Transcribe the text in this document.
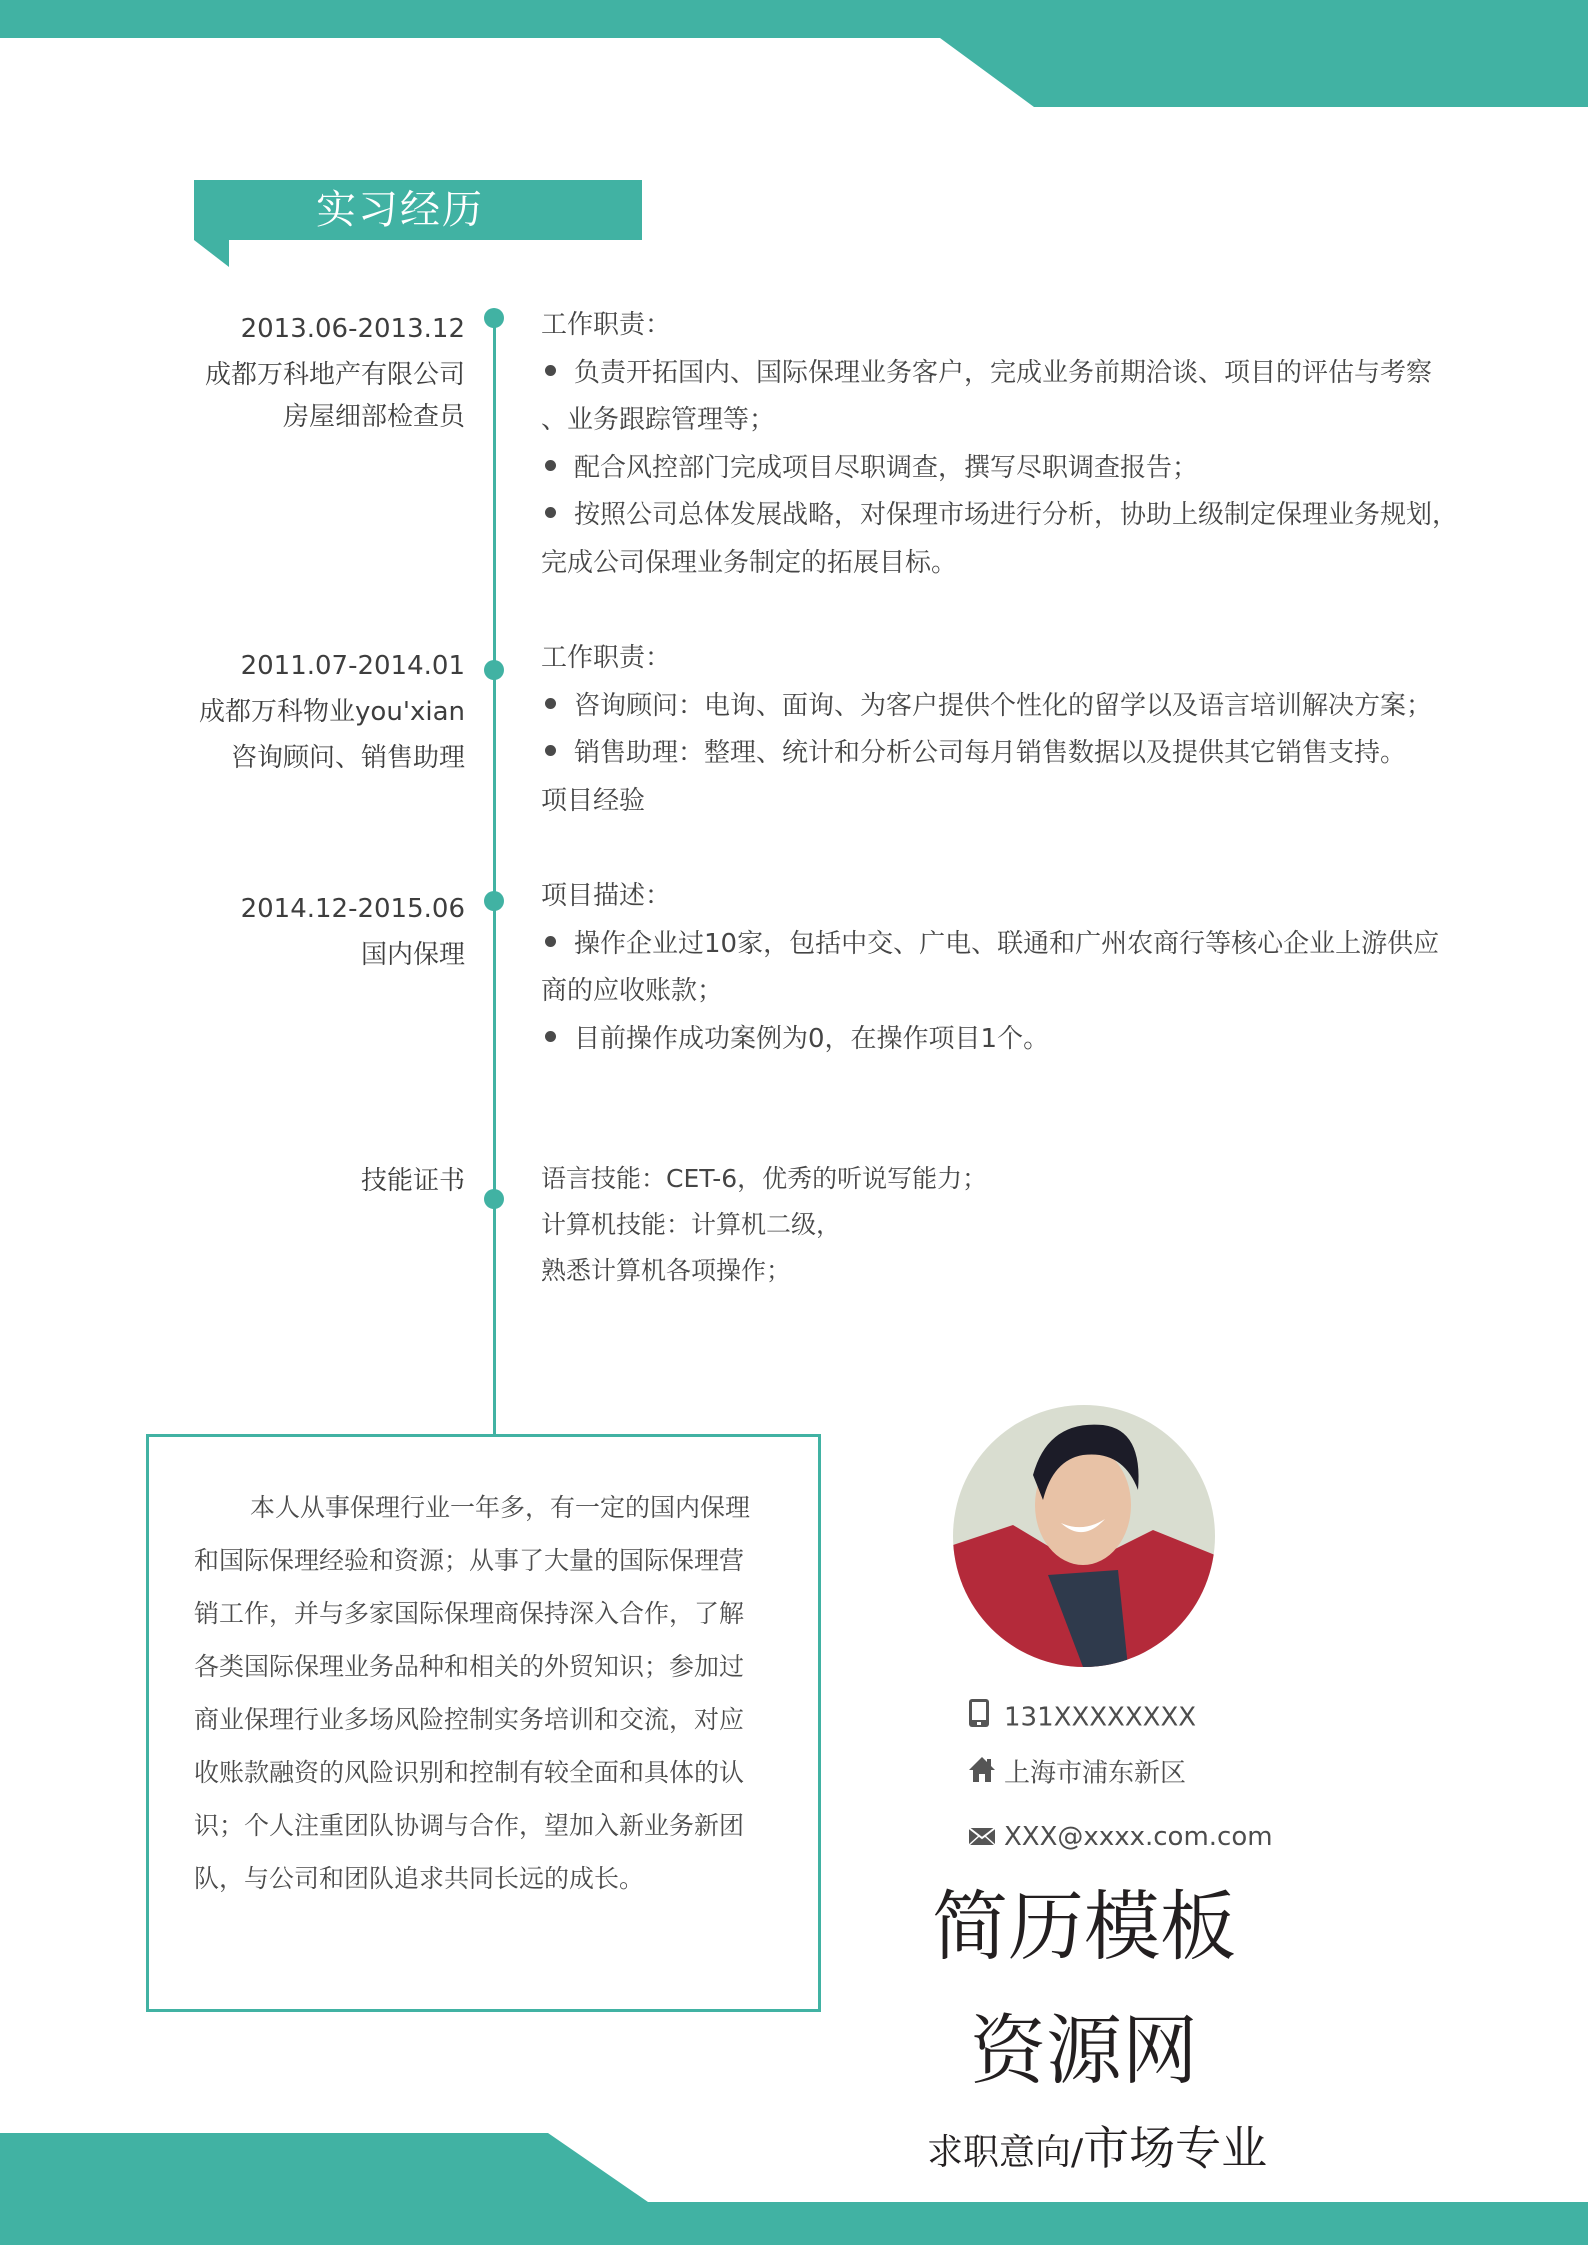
实习经历
2013.06-2013.12
成都万科地产有限公司
房屋细部检查员
工作职责：
负责开拓国内、国际保理业务客户，完成业务前期洽谈、项目的评估与考察
、业务跟踪管理等；
配合风控部门完成项目尽职调查，撰写尽职调查报告；
按照公司总体发展战略，对保理市场进行分析，协助上级制定保理业务规划，
完成公司保理业务制定的拓展目标。
2011.07-2014.01
成都万科物业you'xian
咨询顾问、销售助理
工作职责：
咨询顾问：电询、面询、为客户提供个性化的留学以及语言培训解决方案；
销售助理：整理、统计和分析公司每月销售数据以及提供其它销售支持。
项目经验
2014.12-2015.06
国内保理
项目描述：
操作企业过10家，包括中交、广电、联通和广州农商行等核心企业上游供应
商的应收账款；
目前操作成功案例为0，在操作项目1个。
技能证书	语言技能：CET-6，优秀的听说写能力；
计算机技能：计算机二级，
熟悉计算机各项操作；
本人从事保理行业一年多，有一定的国内保理
和国际保理经验和资源；从事了大量的国际保理营
销工作，并与多家国际保理商保持深入合作，了解
各类国际保理业务品种和相关的外贸知识；参加过
商业保理行业多场风险控制实务培训和交流，对应
收账款融资的风险识别和控制有较全面和具体的认
识；个人注重团队协调与合作，望加入新业务新团
队，与公司和团队追求共同长远的成长。
131XXXXXXXX
上海市浦东新区
XXX@xxxx.com.com
简历模板
资源网
求职意向/市场专业
